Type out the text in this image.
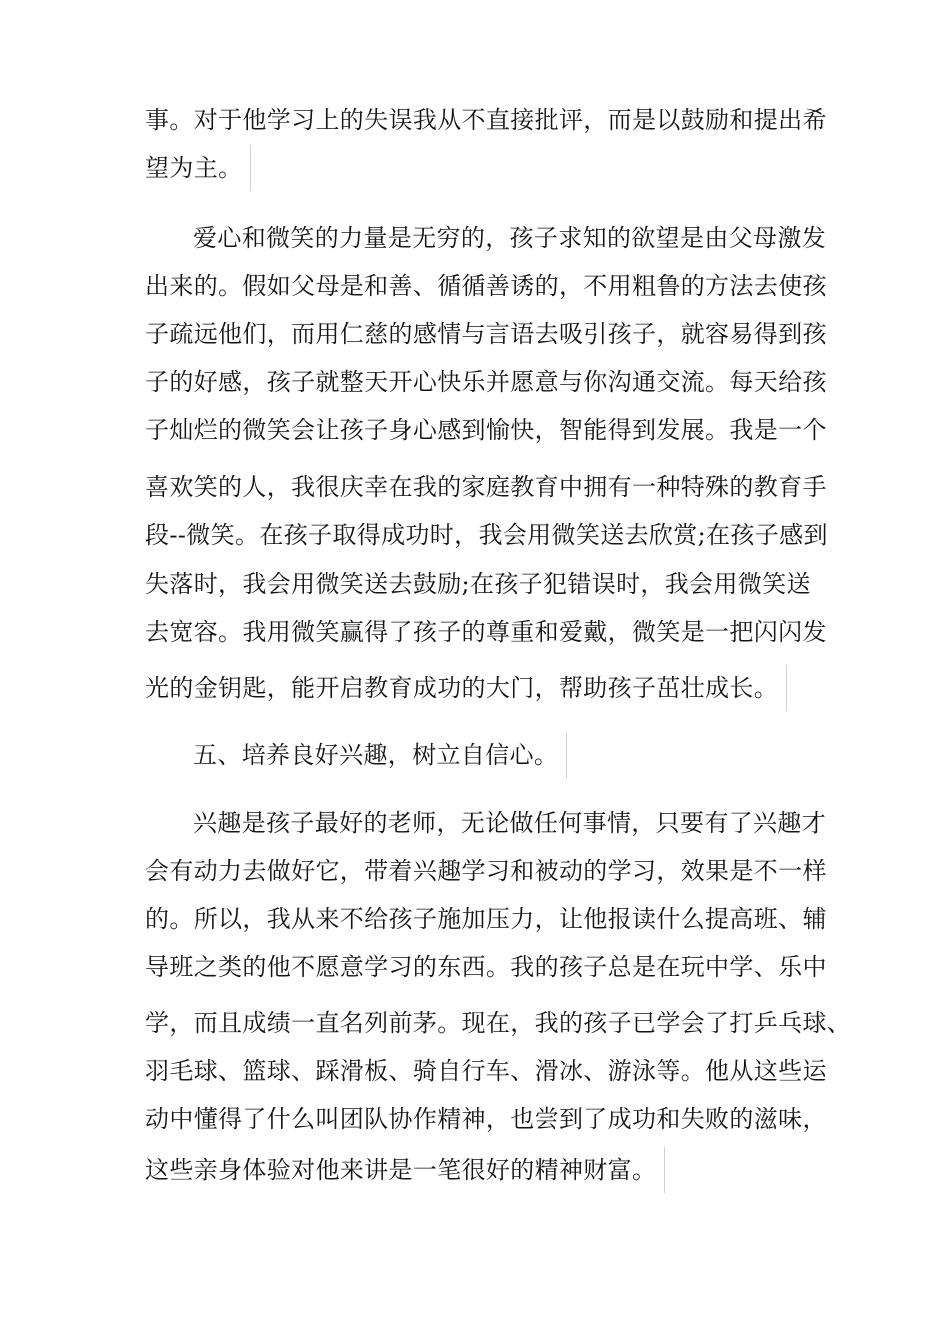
事。对于他学习上的失误我从不直接批评，而是以鼓励和提出希
望为主。
爱心和微笑的力量是无穷的，孩子求知的欲望是由父母激发
出来的。假如父母是和善、循循善诱的，不用粗鲁的方法去使孩
子疏远他们，而用仁慈的感情与言语去吸引孩子，就容易得到孩
子的好感，孩子就整天开心快乐并愿意与你沟通交流。每天给孩
子灿烂的微笑会让孩子身心感到愉快，智能得到发展。我是一个
喜欢笑的人，我很庆幸在我的家庭教育中拥有一种特殊的教育手
段--微笑。在孩子取得成功时，我会用微笑送去欣赏;在孩子感到
失落时，我会用微笑送去鼓励;在孩子犯错误时，我会用微笑送
去宽容。我用微笑赢得了孩子的尊重和爱戴，微笑是一把闪闪发
光的金钥匙，能开启教育成功的大门，帮助孩子茁壮成长。
五、培养良好兴趣，树立自信心。
兴趣是孩子最好的老师，无论做任何事情，只要有了兴趣才
会有动力去做好它，带着兴趣学习和被动的学习，效果是不一样
的。所以，我从来不给孩子施加压力，让他报读什么提高班、辅
导班之类的他不愿意学习的东西。我的孩子总是在玩中学、乐中
学，而且成绩一直名列前茅。现在，我的孩子已学会了打乒乓球、
羽毛球、篮球、踩滑板、骑自行车、滑冰、游泳等。他从这些运
动中懂得了什么叫团队协作精神，也尝到了成功和失败的滋味，
这些亲身体验对他来讲是一笔很好的精神财富。
